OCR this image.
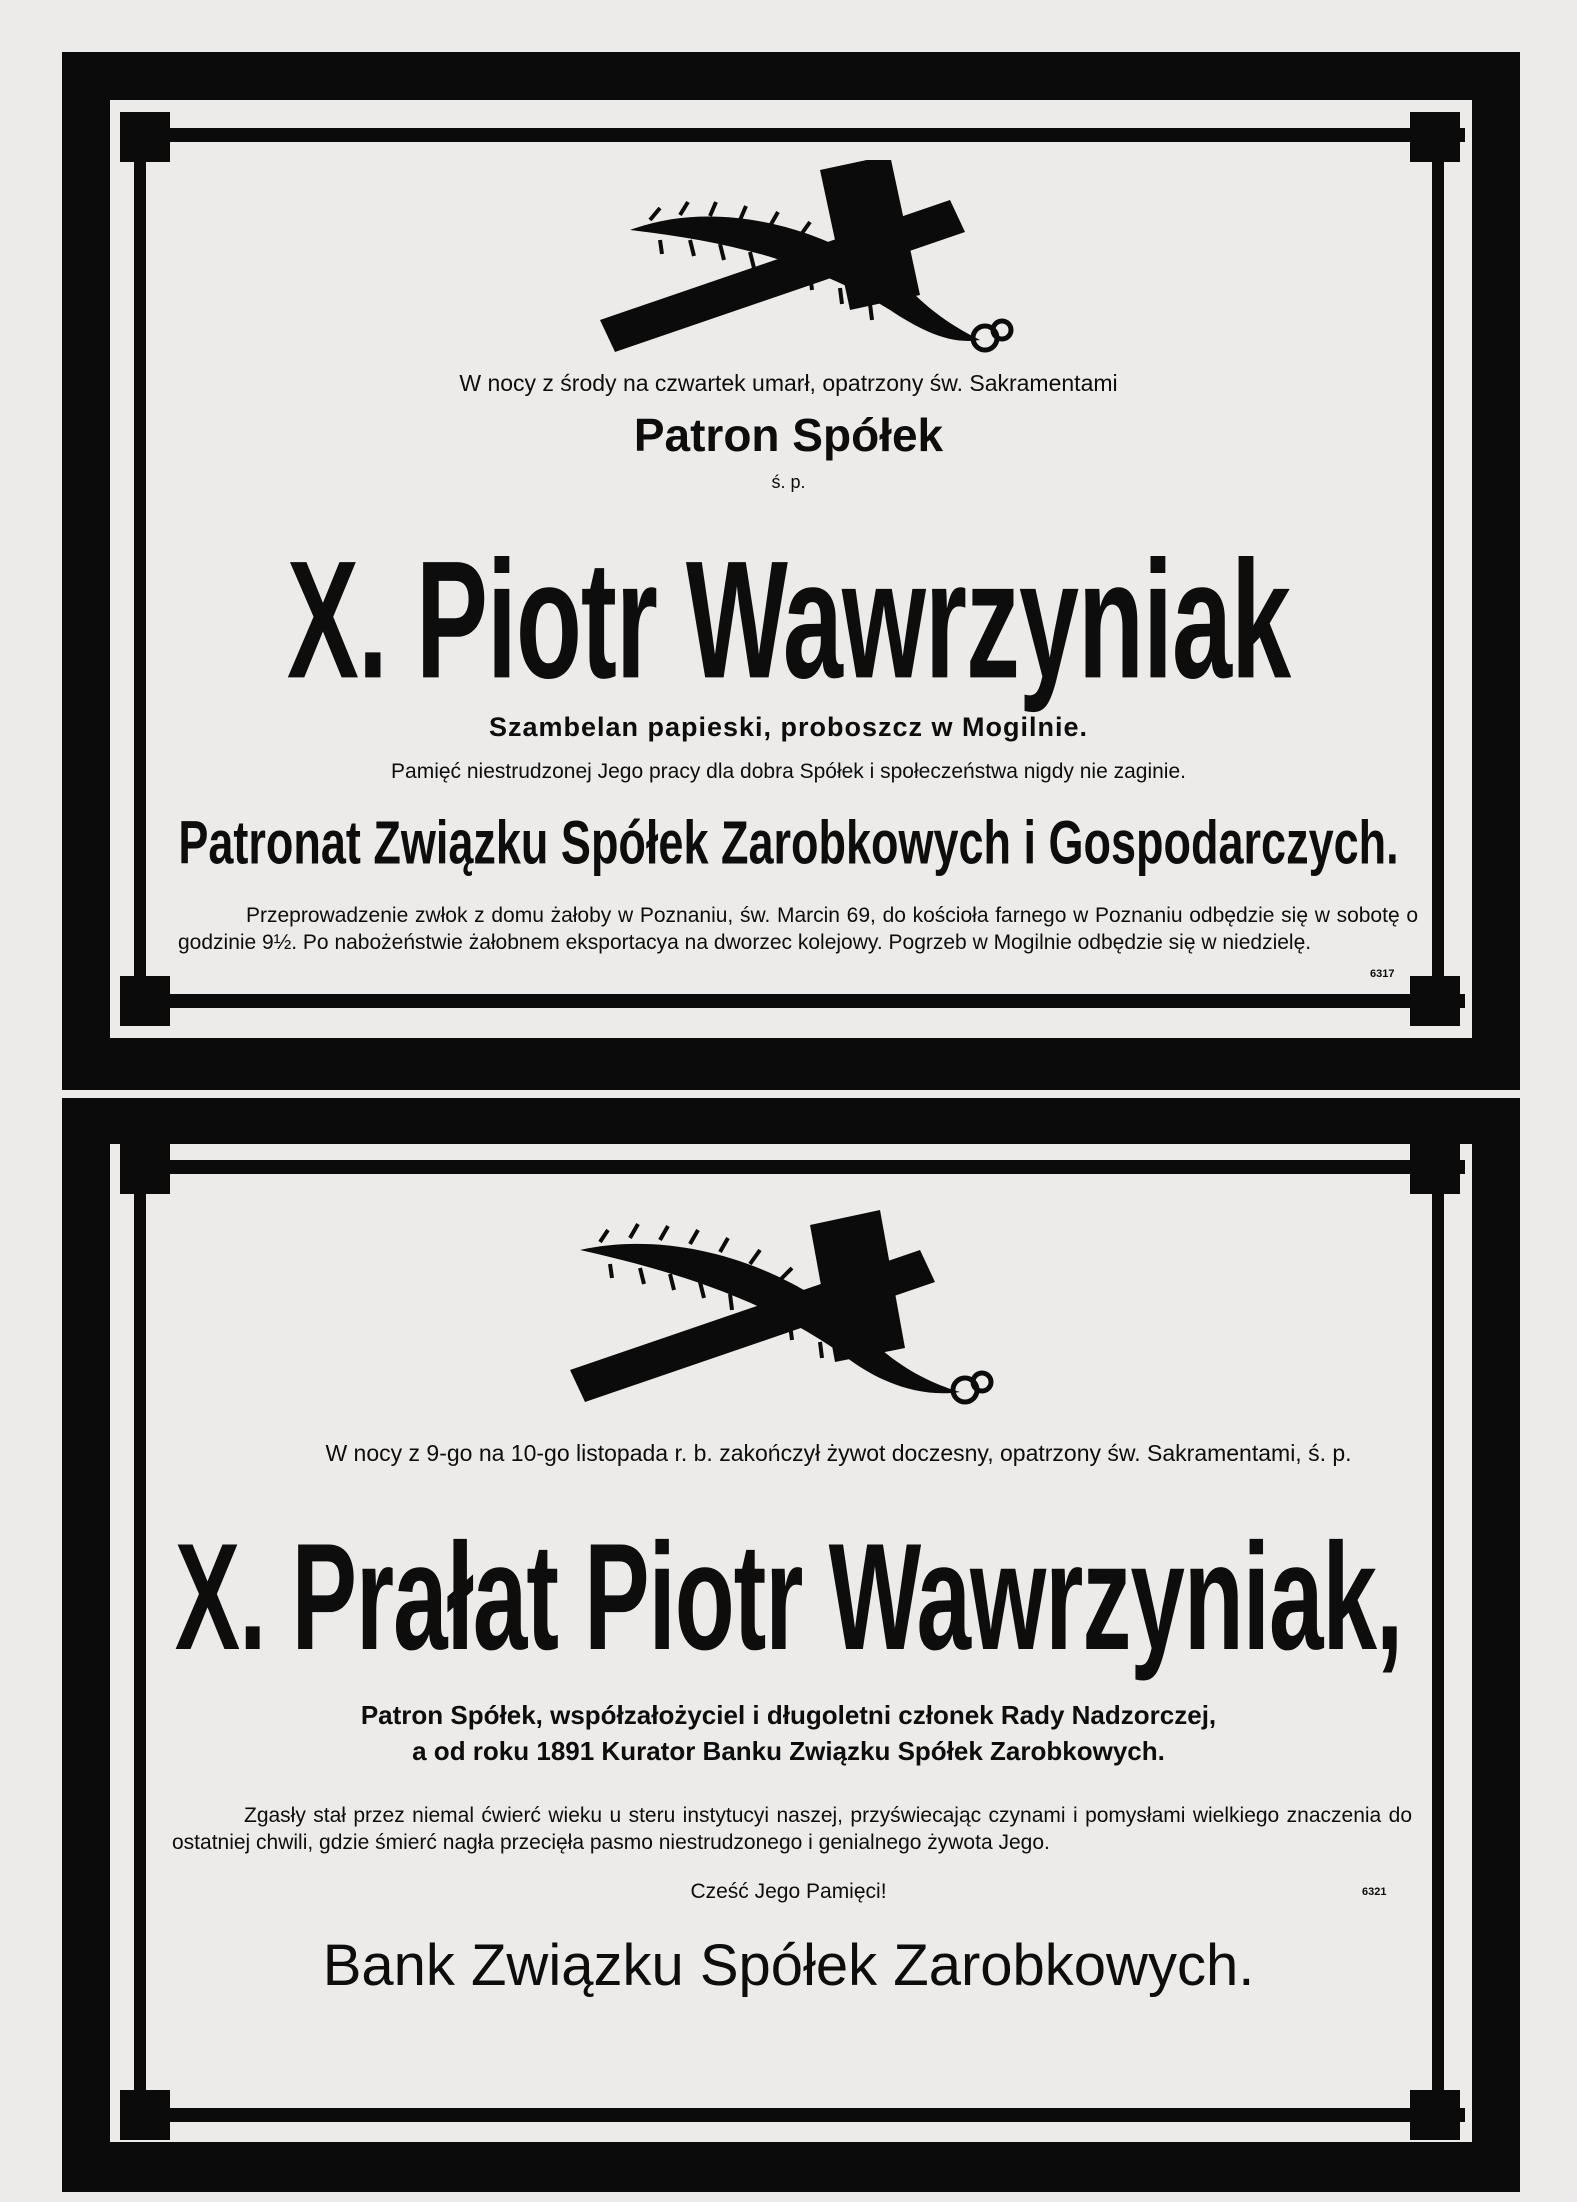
W nocy z środy na czwartek umarł, opatrzony św. Sakramentami
Patron Spółek
ś. p.
X. Piotr Wawrzyniak
Szambelan papieski, proboszcz w Mogilnie.
Pamięć niestrudzonej Jego pracy dla dobra Spółek i społeczeństwa nigdy nie zaginie.
Patronat Związku Spółek Zarobkowych i Gospodarczych.
Przeprowadzenie zwłok z domu żałoby w Poznaniu, św. Marcin 69, do kościoła farnego w Poznaniu odbędzie się w sobotę o godzinie 9½. Po nabożeństwie żałobnem eksportacya na dworzec kolejowy. Pogrzeb w Mogilnie odbędzie się w niedzielę.
6317
W nocy z 9-go na 10-go listopada r. b. zakończył żywot doczesny, opatrzony św. Sakramentami, ś. p.
X. Prałat Piotr Wawrzyniak,
Patron Spółek, współzałożyciel i długoletni członek Rady Nadzorczej,
a od roku 1891 Kurator Banku Związku Spółek Zarobkowych.
Zgasły stał przez niemal ćwierć wieku u steru instytucyi naszej, przyświecając czynami i pomysłami wielkiego znaczenia do ostatniej chwili, gdzie śmierć nagła przecięła pasmo niestrudzonego i genialnego żywota Jego.
Cześć Jego Pamięci!	6321
Bank Związku Spółek Zarobkowych.
